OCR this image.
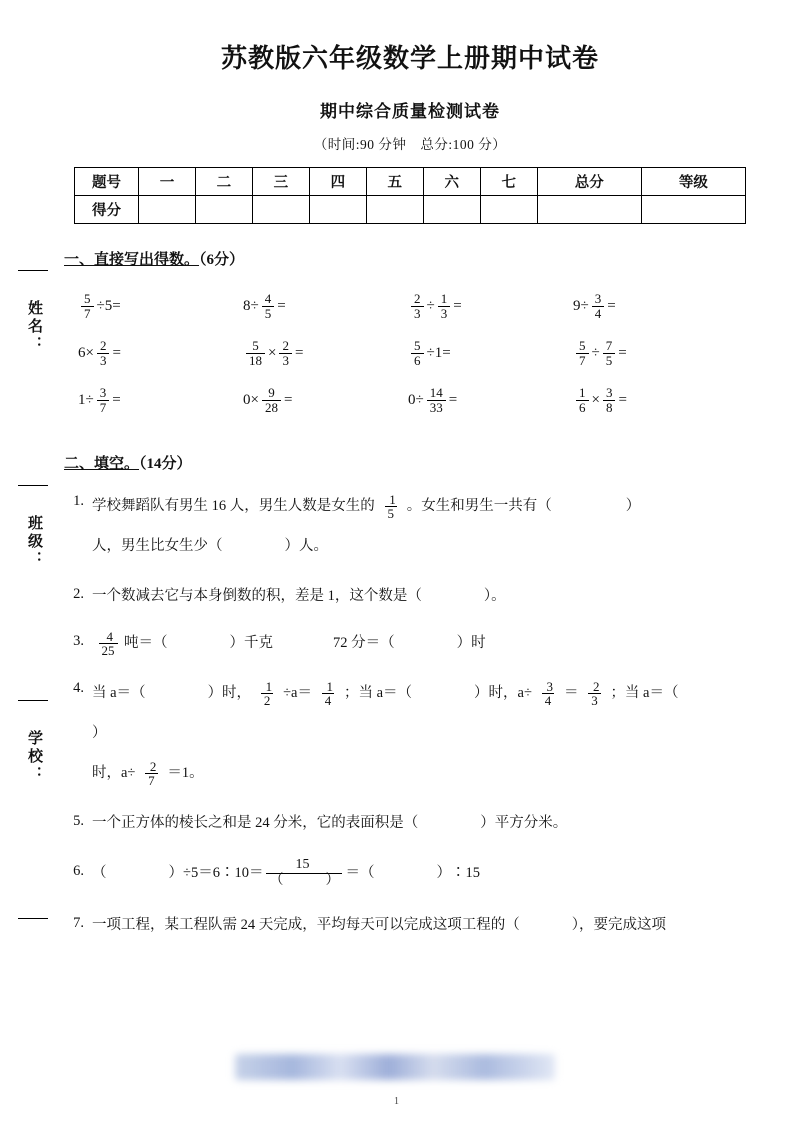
姓名：
班级：
学校：
苏教版六年级数学上册期中试卷
期中综合质量检测试卷
（时间:90 分钟　总分:100 分）
题号	一	二	三	四	五	六	七	总分	等级
得分									
一、直接写出得数。（6分）
$\frac{5}{7} \div 5$ =	$8 \div \frac{4}{5}$ =	$\frac{2}{3} \div \frac{1}{3}$ =	$9 \div \frac{3}{4}$ =
$6 \times \frac{2}{3}$ =	$\frac{5}{18} \times \frac{2}{3}$ =	$\frac{5}{6} \div 1$ =	$\frac{5}{7} \div \frac{7}{5}$ =
$1 \div \frac{3}{7}$ =	$0 \times \frac{9}{28}$ =	$0 \div \frac{14}{33}$ =	$\frac{1}{6} \times \frac{3}{8}$ =
二、填空。（14分）
1. 学校舞蹈队有男生 16 人，男生人数是女生的 $\frac{1}{5}$ 。女生和男生一共有（	）
人，男生比女生少（	）人。
2. 一个数减去它与本身倒数的积，差是 1，这个数是（	）。
3. $\frac{4}{25}$ 吨＝（	）千克	72 分＝（	）时
4. 当 a＝（	）时， $\frac{1}{2} \div a= \frac{1}{4}$ ；当 a＝（	）时，$a\div \frac{3}{4} = \frac{2}{3}$ ；当 a＝（）
时，$a\div \frac{2}{7} =1$。
5. 一个正方体的棱长之和是 24 分米，它的表面积是（	）平方分米。
6. （	）÷5＝6∶10＝ $\frac{15}{( )}$ ＝（	）∶15
7. 一项工程，某工程队需 24 天完成，平均每天可以完成这项工程的（	），要完成这项
1
